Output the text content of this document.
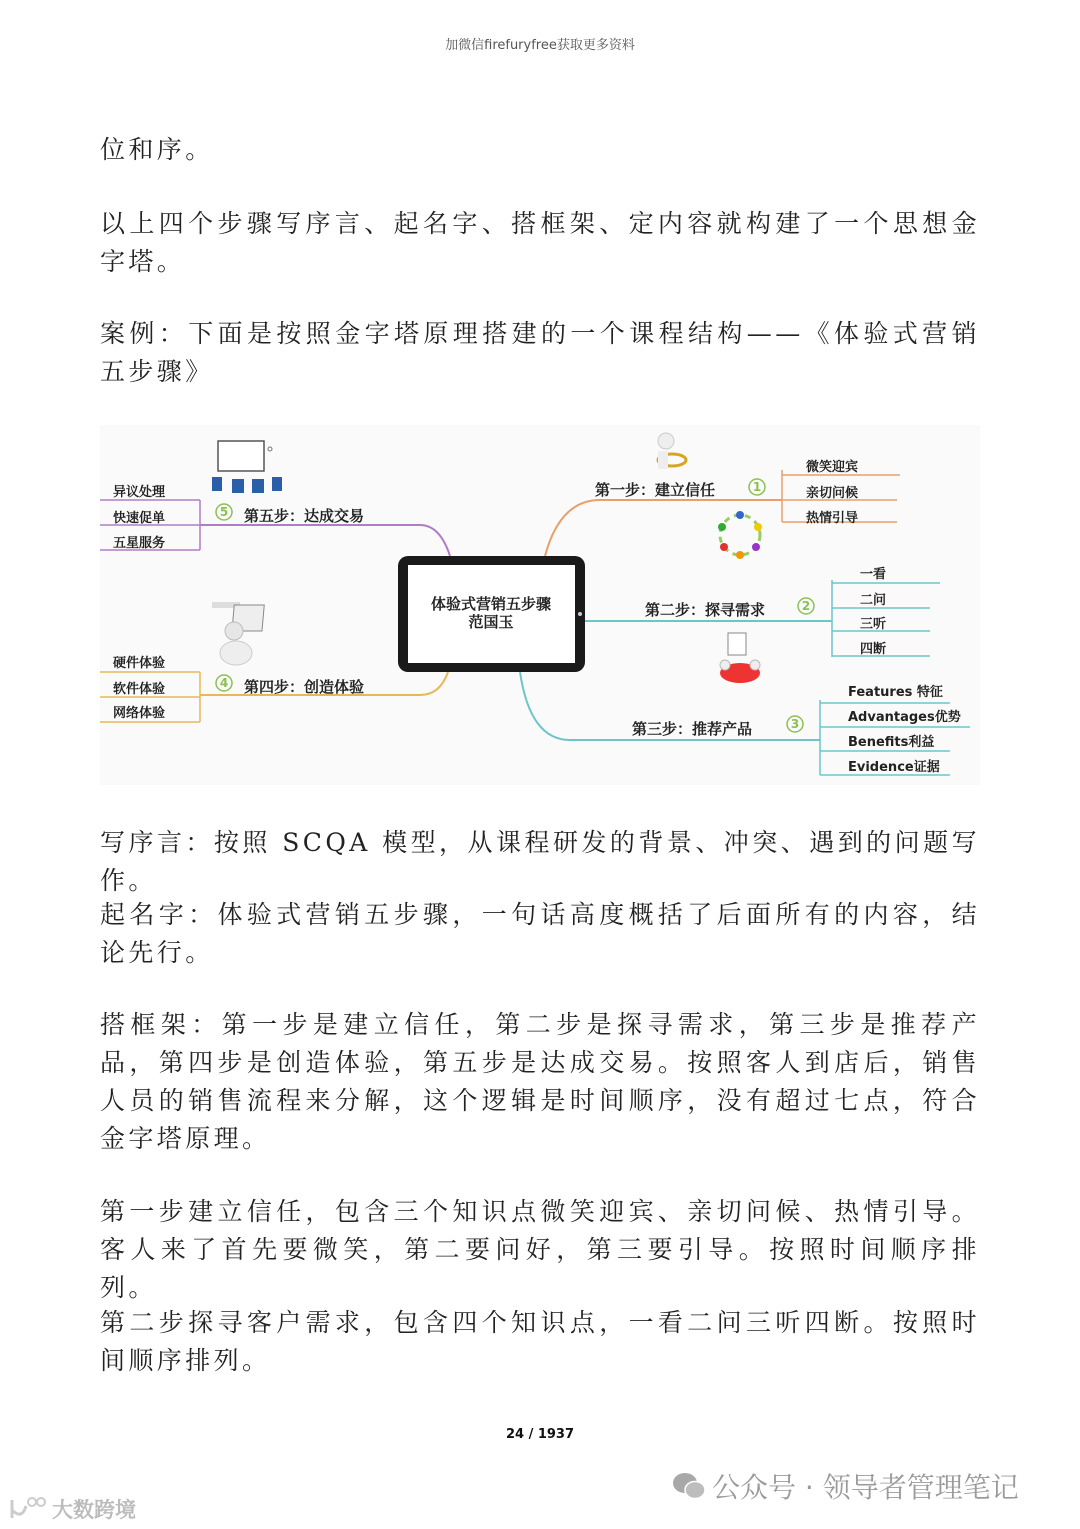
加微信firefuryfree获取更多资料

位和序。

以上四个步骤写序言、起名字、搭框架、定内容就构建了一个思想金字塔。

案例：下面是按照金字塔原理搭建的一个课程结构——《体验式营销五步骤》

体验式营销五步骤
范国玉
第一步：建立信任	1
第二步：探寻需求	2
第三步：推荐产品	3
第四步：创造体验
4
第五步：达成交易
5
微笑迎宾
亲切问候
热情引导
一看
二问
三听
四断
Features 特征
Advantages优势
Benefits利益
Evidence证据
硬件体验
软件体验
网络体验
异议处理
快速促单
五星服务

写序言：按照 SCQA 模型，从课程研发的背景、冲突、遇到的问题写作。

起名字：体验式营销五步骤，一句话高度概括了后面所有的内容，结论先行。

搭框架：第一步是建立信任，第二步是探寻需求，第三步是推荐产品，第四步是创造体验，第五步是达成交易。按照客人到店后，销售人员的销售流程来分解，这个逻辑是时间顺序，没有超过七点，符合金字塔原理。

第一步建立信任，包含三个知识点微笑迎宾、亲切问候、热情引导。客人来了首先要微笑，第二要问好，第三要引导。按照时间顺序排列。

第二步探寻客户需求，包含四个知识点，一看二问三听四断。按照时间顺序排列。

24 / 1937
公众号 · 领导者管理笔记
大数跨境
